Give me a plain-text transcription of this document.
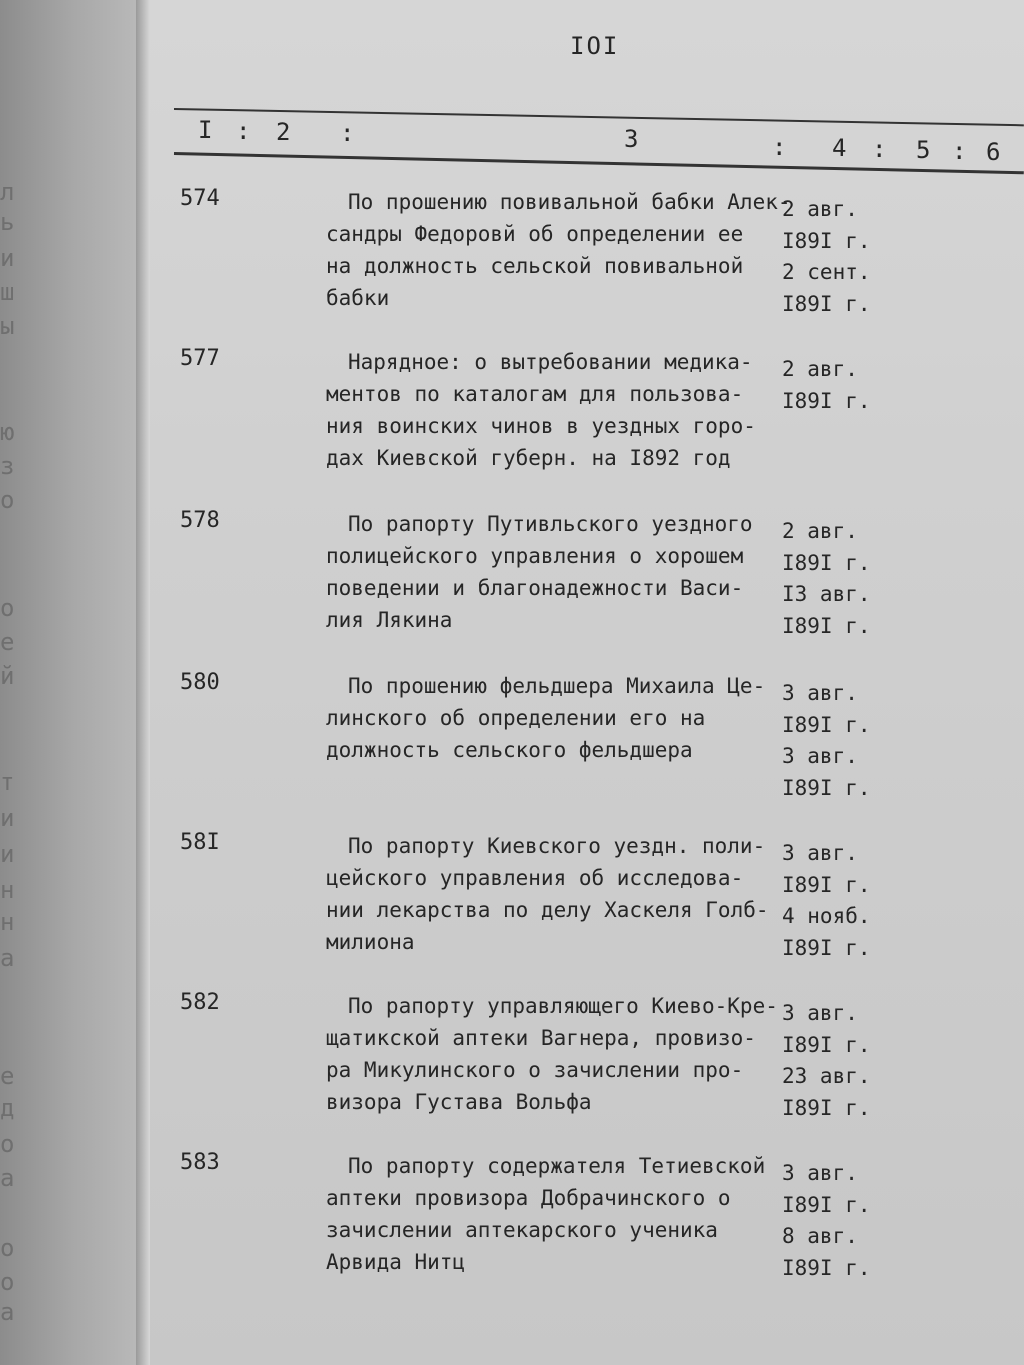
л
ь
и
ш
ы
ю
з
о
о
е
й
т
и
и
н
н
а
е
д
о
а
о
о
а
IOI
I : 2 :	3	: 4 : 5 : 6
574	По прошению повивальной бабки Алек-
сандры Федоровй об определении ее
на должность сельской повивальной
бабки
2 авг.
I89I г.
2 сент.
I89I г.
577	Нарядное: о вытребовании медика-
ментов по каталогам для пользова-
ния воинских чинов в уездных горо-
дах Киевской губерн. на I892 год
2 авг.
I89I г.
578	По рапорту Путивльского уездного
полицейского управления о хорошем
поведении и благонадежности Васи-
лия Лякина
2 авг.
I89I г.
I3 авг.
I89I г.
580	По прошению фельдшера Михаила Це-
линского об определении его на
должность сельского фельдшера
3 авг.
I89I г.
3 авг.
I89I г.
58I	По рапорту Киевского уездн. поли-
цейского управления об исследова-
нии лекарства по делу Хаскеля Голб-
милиона
3 авг.
I89I г.
4 нояб.
I89I г.
582	По рапорту управляющего Киево-Кре-
щатикской аптеки Вагнера, провизо-
ра Микулинского о зачислении про-
визора Густава Вольфа
3 авг.
I89I г.
23 авг.
I89I г.
583	По рапорту содержателя Тетиевской
аптеки провизора Добрачинского о
зачислении аптекарского ученика
Арвида Нитц
3 авг.
I89I г.
8 авг.
I89I г.
